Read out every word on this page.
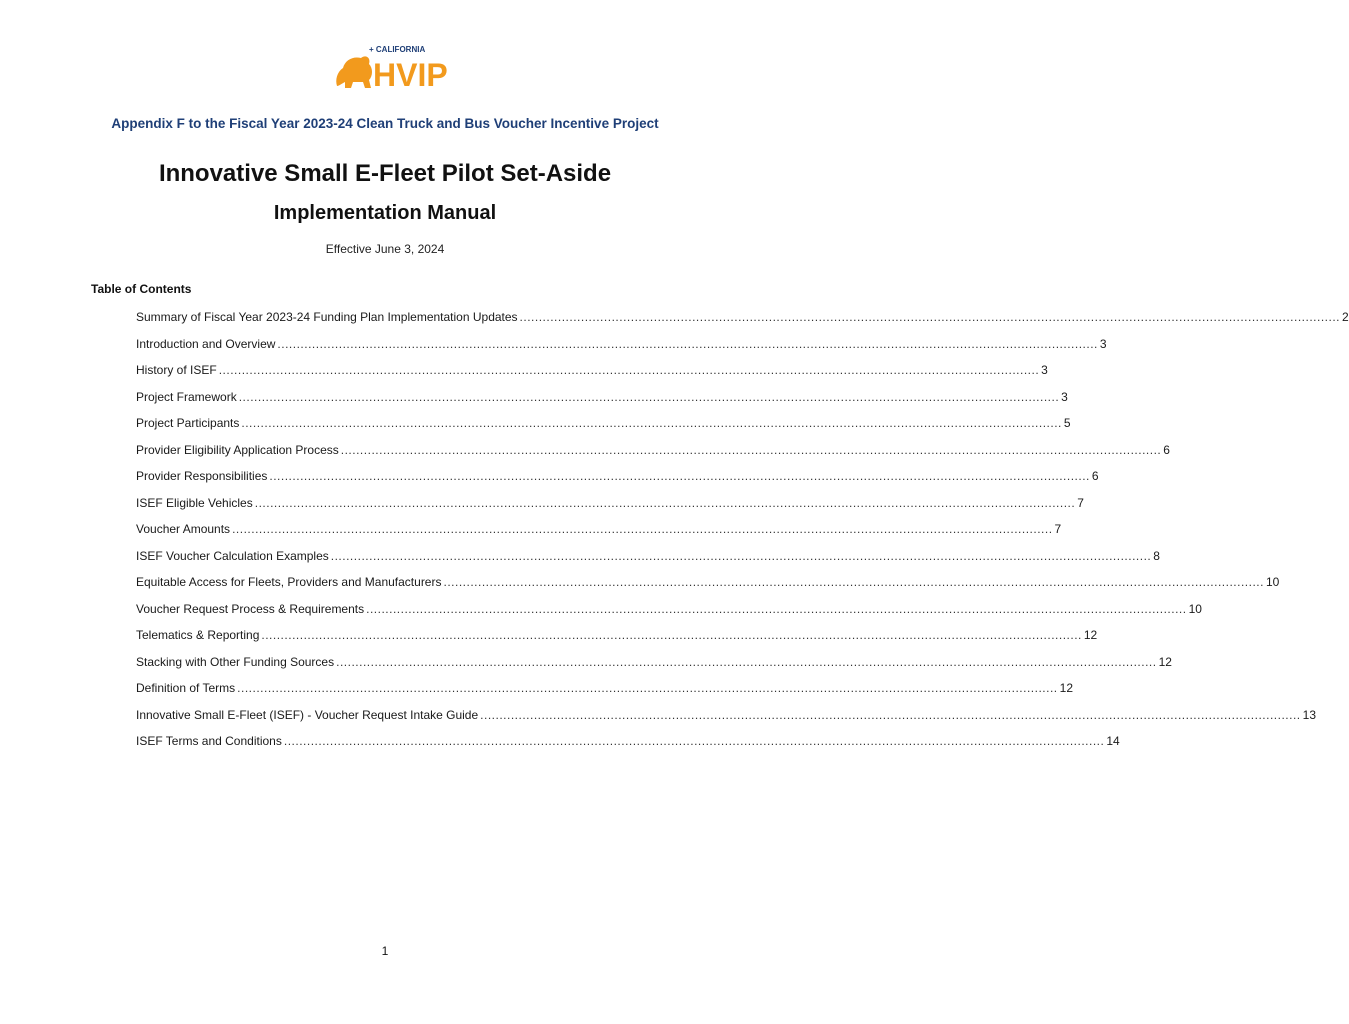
+ CALIFORNIA
HVIP
Appendix F to the Fiscal Year 2023-24 Clean Truck and Bus Voucher Incentive Project
Innovative Small E-Fleet Pilot Set-Aside
Implementation Manual
Effective June 3, 2024
Table of Contents
Summary of Fiscal Year 2023-24 Funding Plan Implementation Updates .....	2
Introduction and Overview .....	3
History of ISEF .....	3
Project Framework .....	3
Project Participants .....	5
Provider Eligibility Application Process .....	6
Provider Responsibilities .....	6
ISEF Eligible Vehicles .....	7
Voucher Amounts .....	7
ISEF Voucher Calculation Examples .....	8
Equitable Access for Fleets, Providers and Manufacturers .....	10
Voucher Request Process & Requirements .....	10
Telematics & Reporting .....	12
Stacking with Other Funding Sources .....	12
Definition of Terms .....	12
Innovative Small E-Fleet (ISEF) - Voucher Request Intake Guide .....	13
ISEF Terms and Conditions .....	14
1
